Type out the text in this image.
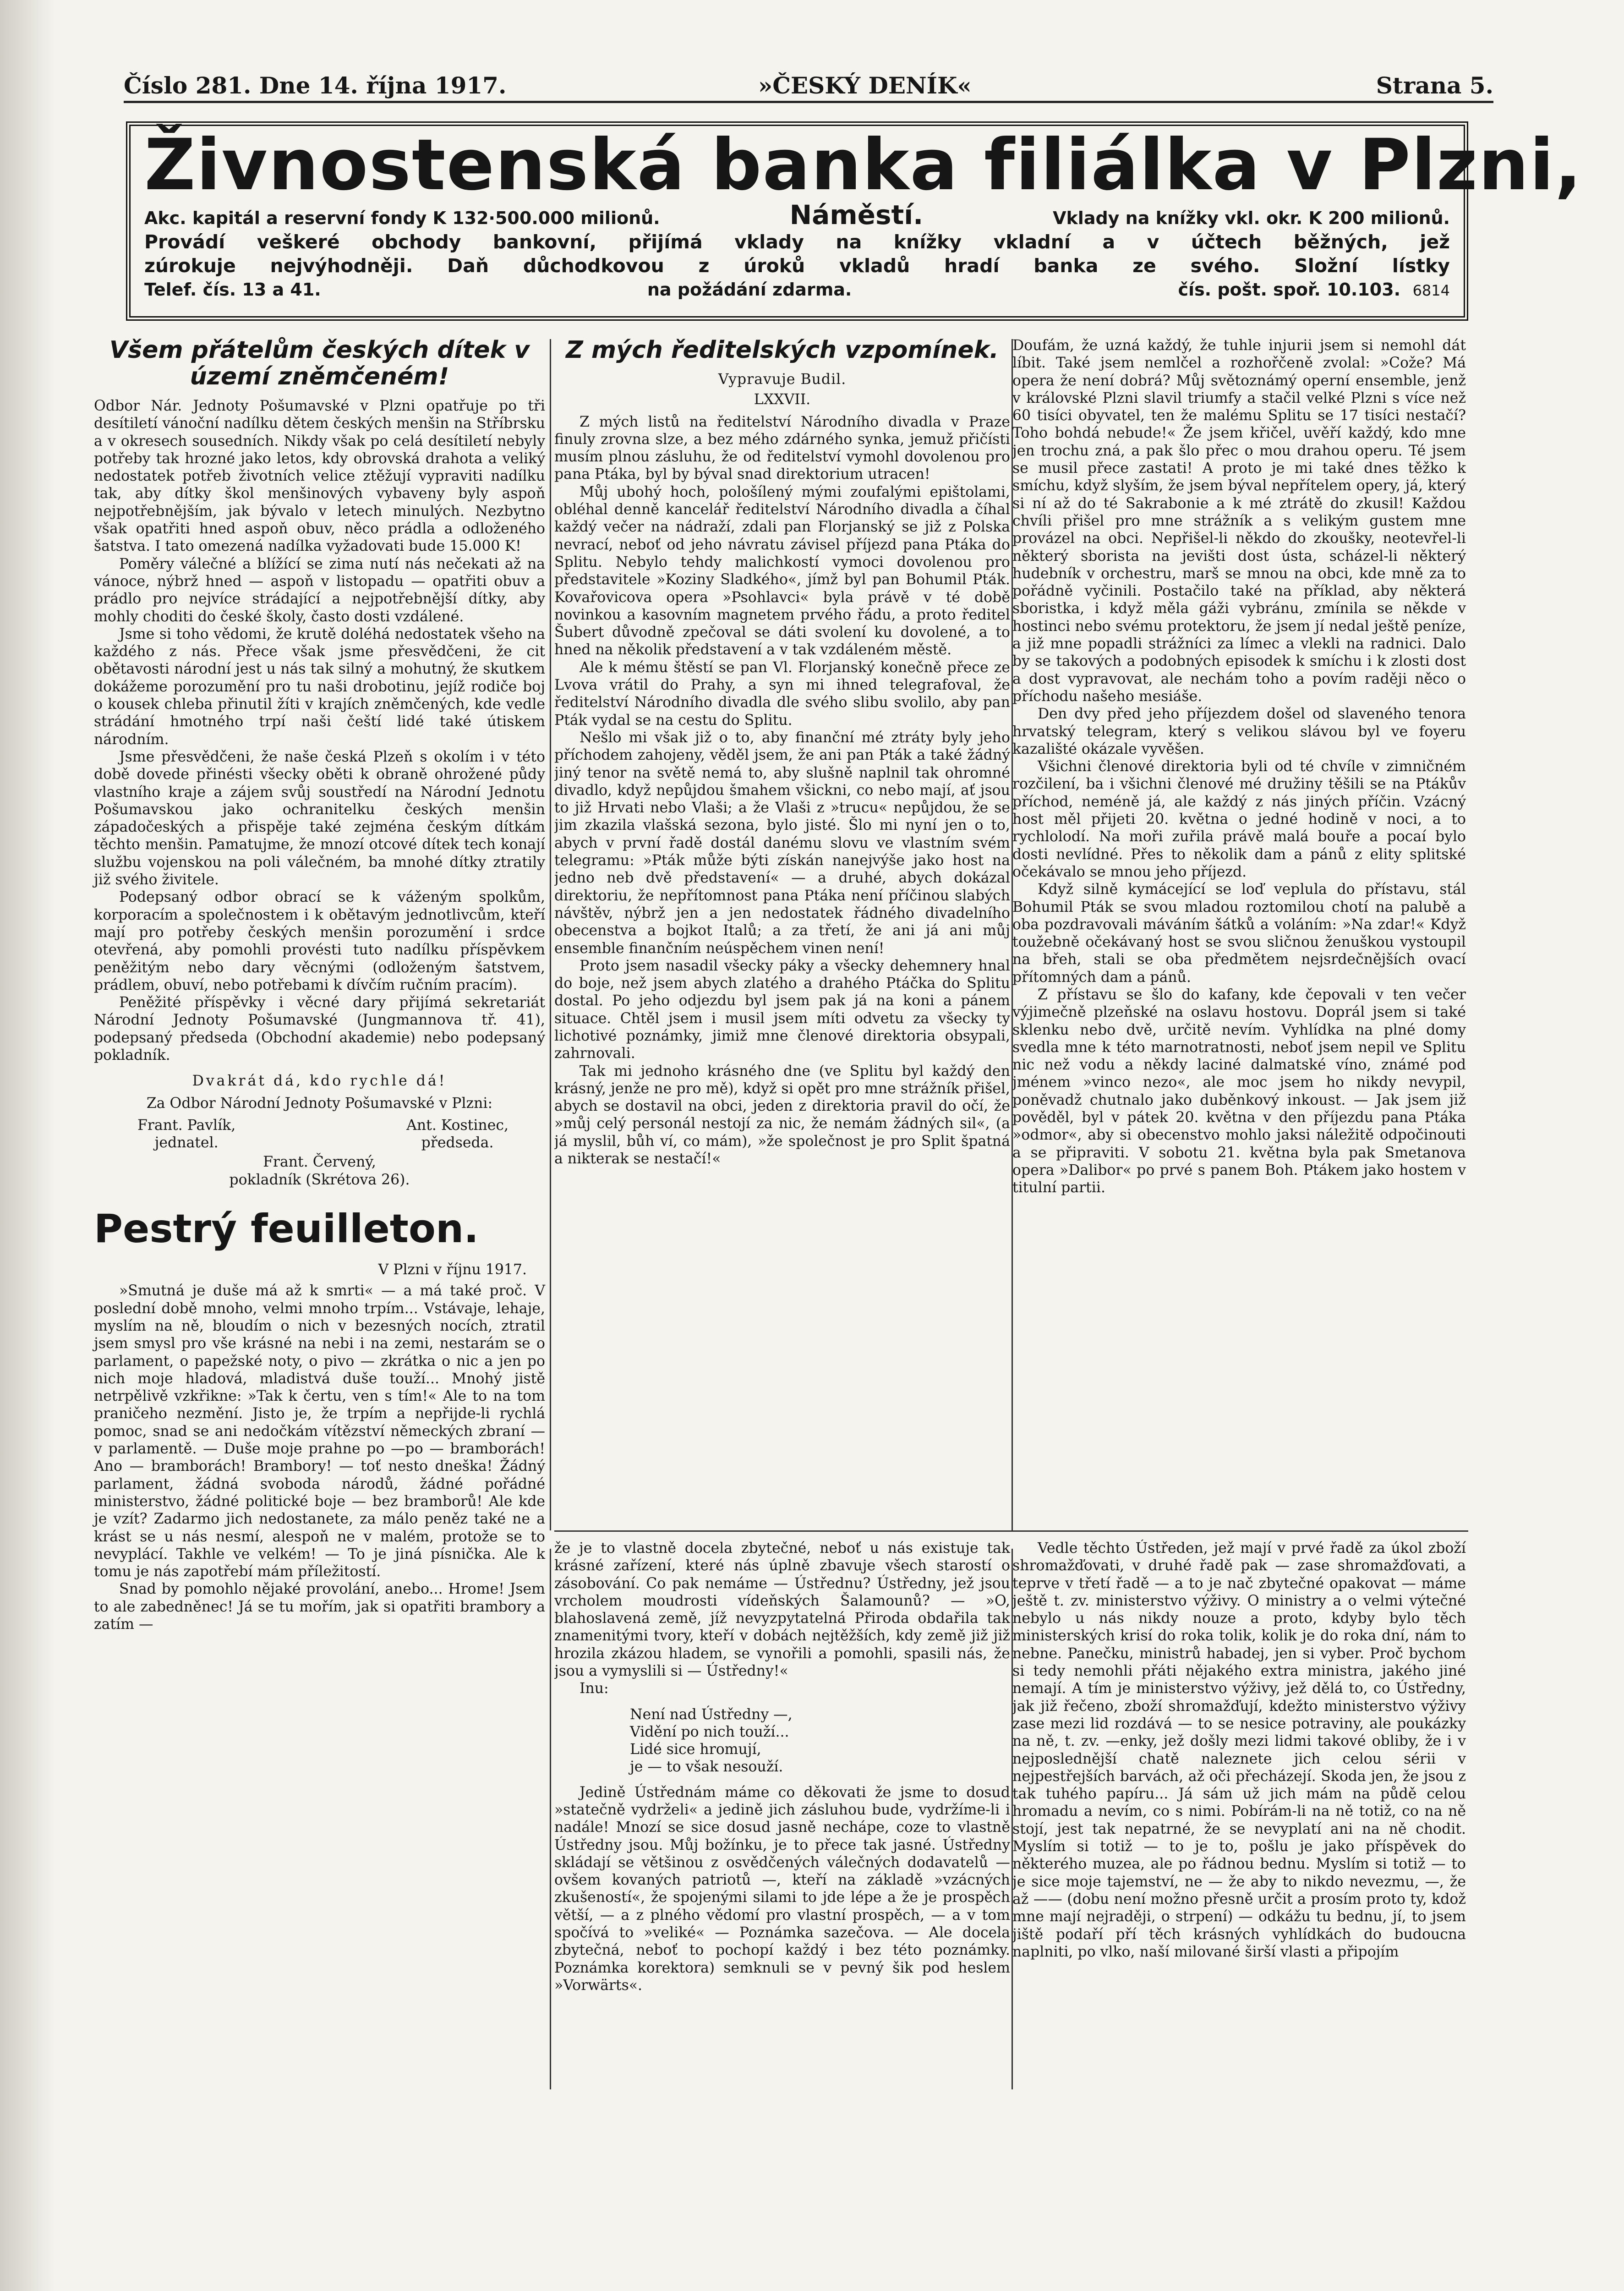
Číslo 281. Dne 14. října 1917.	»ČESKÝ DENÍK«	Strana 5.
Živnostenská banka filiálka v Plzni,
Akc. kapitál a reservní fondy K 132·500.000 milionů.	Náměstí.	Vklady na knížky vkl. okr. K 200 milionů.
Provádí veškeré obchody bankovní, přijímá vklady na knížky vkladní a v účtech běžných, jež
zúrokuje nejvýhodněji. Daň důchodkovou z úroků vkladů hradí banka ze svého. Složní lístky
Telef. čís. 13 a 41.	na požádání zdarma.	čís. pošt. spoř. 10.103. 6814
Všem přátelům českých dítek v území zněmčeném!

Odbor Nár. Jednoty Pošumavské v Plzni opatřuje po tři desítiletí vánoční nadílku dětem českých menšin na Stříbrsku a v okresech sousedních. Nikdy však po celá desítiletí nebyly potřeby tak hrozné jako letos, kdy obrovská drahota a veliký nedostatek potřeb životních velice ztěžují vypraviti nadílku tak, aby dítky škol menšinových vybaveny byly aspoň nejpotřebnějším, jak bývalo v letech minulých. Nezbytno však opatřiti hned aspoň obuv, něco prádla a odloženého šatstva. I tato omezená nadílka vyžadovati bude 15.000 K!

Poměry válečné a blížící se zima nutí nás nečekati až na vánoce, nýbrž hned — aspoň v listopadu — opatřiti obuv a prádlo pro nejvíce strádající a nejpotřebnější dítky, aby mohly choditi do české školy, často dosti vzdálené.

Jsme si toho vědomi, že krutě doléhá nedostatek všeho na každého z nás. Přece však jsme přesvědčeni, že cit obětavosti národní jest u nás tak silný a mohutný, že skutkem dokážeme porozumění pro tu naši drobotinu, jejíž rodiče boj o kousek chleba přinutil žíti v krajích zněmčených, kde vedle strádání hmotného trpí naši čeští lidé také útiskem národním.

Jsme přesvědčeni, že naše česká Plzeň s okolím i v této době dovede přinésti všecky oběti k obraně ohrožené půdy vlastního kraje a zájem svůj soustředí na Národní Jednotu Pošumavskou jako ochranitelku českých menšin západočeských a přispěje také zejména českým dítkám těchto menšin. Pamatujme, že mnozí otcové dítek tech konají službu vojenskou na poli válečném, ba mnohé dítky ztratily již svého živitele.

Podepsaný odbor obrací se k váženým spolkům, korporacím a společnostem i k obětavým jednotlivcům, kteří mají pro potřeby českých menšin porozumění i srdce otevřená, aby pomohli provésti tuto nadílku příspěvkem peněžitým nebo dary věcnými (odloženým šatstvem, prádlem, obuví, nebo potřebami k dívčím ručním pracím).

Peněžité příspěvky i věcné dary přijímá sekretariát Národní Jednoty Pošumavské (Jungmannova tř. 41), podepsaný předseda (Obchodní akademie) nebo podepsaný pokladník.

Dvakrát dá, kdo rychle dá!
Za Odbor Národní Jednoty Pošumavské v Plzni:
Frant. Pavlík,
jednatel.
Ant. Kostinec,
předseda.
Frant. Červený,
pokladník (Skrétova 26).
Pestrý feuilleton.
V Plzni v říjnu 1917.

»Smutná je duše má až k smrti« — a má také proč. V poslední době mnoho, velmi mnoho trpím... Vstávaje, lehaje, myslím na ně, bloudím o nich v bezesných nocích, ztratil jsem smysl pro vše krásné na nebi i na zemi, nestarám se o parlament, o papežské noty, o pivo — zkrátka o nic a jen po nich moje hladová, mladistvá duše touží... Mnohý jistě netrpělivě vzkřikne: »Tak k čertu, ven s tím!« Ale to na tom praničeho nezmění. Jisto je, že trpím a nepřijde-li rychlá pomoc, snad se ani nedočkám vítězství německých zbraní — v parlamentě. — Duše moje prahne po —po — bramborách! Ano — bramborách! Brambory! — toť nesto dneška! Žádný parlament, žádná svoboda národů, žádné pořádné ministerstvo, žádné politické boje — bez bramborů! Ale kde je vzít? Zadarmo jich nedostanete, za málo peněz také ne a krást se u nás nesmí, alespoň ne v malém, protože se to nevyplácí. Takhle ve velkém! — To je jiná písnička. Ale k tomu je nás zapotřebí mám příležitostí.

Snad by pomohlo nějaké provolání, anebo... Hrome! Jsem to ale zabedněnec! Já se tu mořím, jak si opatřiti brambory a zatím —

Z mých ředitelských vzpomínek.
Vypravuje Budil.
LXXVII.

Z mých listů na ředitelství Národního divadla v Praze finuly zrovna slze, a bez mého zdárného synka, jemuž přičísti musím plnou zásluhu, že od ředitelství vymohl dovolenou pro pana Ptáka, byl by býval snad direktorium utracen!

Můj ubohý hoch, pološílený mými zoufalými epištolami, obléhal denně kancelář ředitelství Národního divadla a číhal každý večer na nádraží, zdali pan Florjanský se již z Polska nevrací, neboť od jeho návratu závisel příjezd pana Ptáka do Splitu. Nebylo tehdy malichkostí vymoci dovolenou pro představitele »Koziny Sladkého«, jímž byl pan Bohumil Pták. Kovařovicova opera »Psohlavci« byla právě v té době novinkou a kasovním magnetem prvého řádu, a proto ředitel Šubert důvodně zpečoval se dáti svolení ku dovolené, a to hned na několik představení a v tak vzdáleném městě.

Ale k mému štěstí se pan Vl. Florjanský konečně přece ze Lvova vrátil do Prahy, a syn mi ihned telegrafoval, že ředitelství Národního divadla dle svého slibu svolilo, aby pan Pták vydal se na cestu do Splitu.

Nešlo mi však již o to, aby finanční mé ztráty byly jeho příchodem zahojeny, věděl jsem, že ani pan Pták a také žádný jiný tenor na světě nemá to, aby slušně naplnil tak ohromné divadlo, když nepůjdou šmahem všickni, co nebo mají, ať jsou to již Hrvati nebo Vlaši; a že Vlaši z »trucu« nepůjdou, že se jim zkazila vlašská sezona, bylo jisté. Šlo mi nyní jen o to, abych v první řadě dostál danému slovu ve vlastním svém telegramu: »Pták může býti získán nanejvýše jako host na jedno neb dvě představení« — a druhé, abych dokázal direktoriu, že nepřítomnost pana Ptáka není příčinou slabých návštěv, nýbrž jen a jen nedostatek řádného divadelního obecenstva a bojkot Italů; a za třetí, že ani já ani můj ensemble finančním neúspěchem vinen není!

Proto jsem nasadil všecky páky a všecky dehemnery hnal do boje, než jsem abych zlatého a drahého Ptáčka do Splitu dostal. Po jeho odjezdu byl jsem pak já na koni a pánem situace. Chtěl jsem i musil jsem míti odvetu za všecky ty lichotivé poznámky, jimiž mne členové direktoria obsypali, zahrnovali.

Tak mi jednoho krásného dne (ve Splitu byl každý den krásný, jenže ne pro mě), když si opět pro mne strážník přišel, abych se dostavil na obci, jeden z direktoria pravil do očí, že »můj celý personál nestojí za nic, že nemám žádných sil«, (a já myslil, bůh ví, co mám), »že společnost je pro Split špatná a nikterak se nestačí!«

že je to vlastně docela zbytečné, neboť u nás existuje tak krásné zařízení, které nás úplně zbavuje všech starostí o zásobování. Co pak nemáme — Ústřednu? Ústředny, jež jsou vrcholem moudrosti vídeňských Šalamounů? — »O, blahoslavená země, jíž nevyzpytatelná Přiroda obdařila tak znamenitými tvory, kteří v dobách nejtěžších, kdy země již již hrozila zkázou hladem, se vynořili a pomohli, spasili nás, že jsou a vymyslili si — Ústředny!«

Inu:

Není nad Ústředny —,
Vidění po nich touží...
Lidé sice hromují,
je — to však nesouží.

Jedině Ústřednám máme co děkovati že jsme to dosud »statečně vydrželi« a jedině jich zásluhou bude, vydržíme-li i nadále! Mnozí se sice dosud jasně nechápe, coze to vlastně Ústředny jsou. Můj božínku, je to přece tak jasné. Ústředny skládají se většinou z osvědčených válečných dodavatelů — ovšem kovaných patriotů —, kteří na základě »vzácných zkušeností«, že spojenými silami to jde lépe a že je prospěch větší, — a z plného vědomí pro vlastní prospěch, — a v tom spočívá to »veliké« — Poznámka sazečova. — Ale docela zbytečná, neboť to pochopí každý i bez této poznámky. Poznámka korektora) semknuli se v pevný šik pod heslem »Vorwärts«.

Doufám, že uzná každý, že tuhle injurii jsem si nemohl dát líbit. Také jsem nemlčel a rozhořčeně zvolal: »Cože? Má opera že není dobrá? Můj světoznámý operní ensemble, jenž v královské Plzni slavil triumfy a stačil velké Plzni s více než 60 tisíci obyvatel, ten že malému Splitu se 17 tisíci nestačí? Toho bohdá nebude!« Že jsem křičel, uvěří každý, kdo mne jen trochu zná, a pak šlo přec o mou drahou operu. Té jsem se musil přece zastati! A proto je mi také dnes těžko k smíchu, když slyším, že jsem býval nepřítelem opery, já, který si ní až do té Sakrabonie a k mé ztrátě do zkusil! Každou chvíli přišel pro mne strážník a s velikým gustem mne provázel na obci. Nepřišel-li někdo do zkoušky, neotevřel-li některý sborista na jevišti dost ústa, scházel-li některý hudebník v orchestru, marš se mnou na obci, kde mně za to pořádně vyčinili. Postačilo také na příklad, aby některá sboristka, i když měla gáži vybránu, zmínila se někde v hostinci nebo svému protektoru, že jsem jí nedal ještě peníze, a již mne popadli strážníci za límec a vlekli na radnici. Dalo by se takových a podobných episodek k smíchu i k zlosti dost a dost vypravovat, ale nechám toho a povím raději něco o příchodu našeho mesiáše.

Den dvy před jeho příjezdem došel od slaveného tenora hrvatský telegram, který s velikou slávou byl ve foyeru kazališté okázale vyvěšen.

Všichni členové direktoria byli od té chvíle v zimničném rozčilení, ba i všichni členové mé družiny těšili se na Ptákův příchod, neméně já, ale každý z nás jiných příčin. Vzácný host měl přijeti 20. května o jedné hodině v noci, a to rychlolodí. Na moři zuřila právě malá bouře a pocaí bylo dosti nevlídné. Přes to několik dam a pánů z elity splitské očekávalo se mnou jeho příjezd.

Když silně kymácející se loď veplula do přístavu, stál Bohumil Pták se svou mladou roztomilou chotí na palubě a oba pozdravovali máváním šátků a voláním: »Na zdar!« Když toužebně očekávaný host se svou sličnou ženuškou vystoupil na břeh, stali se oba předmětem nejsrdečnějších ovací přítomných dam a pánů.

Z přístavu se šlo do kafany, kde čepovali v ten večer výjimečně plzeňské na oslavu hostovu. Doprál jsem si také sklenku nebo dvě, určitě nevím. Vyhlídka na plné domy svedla mne k této marnotratnosti, neboť jsem nepil ve Splitu nic než vodu a někdy laciné dalmatské víno, známé pod jménem »vinco nezo«, ale moc jsem ho nikdy nevypil, poněvadž chutnalo jako duběnkový inkoust. — Jak jsem již pověděl, byl v pátek 20. května v den příjezdu pana Ptáka »odmor«, aby si obecenstvo mohlo jaksi náležitě odpočinouti a se připraviti. V sobotu 21. května byla pak Smetanova opera »Dalibor« po prvé s panem Boh. Ptákem jako hostem v titulní partii.

Vedle těchto Ústředen, jež mají v prvé řadě za úkol zboží shromažďovati, v druhé řadě pak — zase shromažďovati, a teprve v třetí řadě — a to je nač zbytečné opakovat — máme ještě t. zv. ministerstvo výživy. O ministry a o velmi výtečné nebylo u nás nikdy nouze a proto, kdyby bylo těch ministerských krisí do roka tolik, kolik je do roka dní, nám to nebne. Panečku, ministrů habadej, jen si vyber. Proč bychom si tedy nemohli přáti nějakého extra ministra, jakého jiné nemají. A tím je ministerstvo výživy, jež dělá to, co Ústředny, jak již řečeno, zboží shromažďují, kdežto ministerstvo výživy zase mezi lid rozdává — to se nesice potraviny, ale poukázky na ně, t. zv. —enky, jež došly mezi lidmi takové obliby, že i v nejposlednější chatě naleznete jich celou sérii v nejpestřejších barvách, až oči přecházejí. Skoda jen, že jsou z tak tuhého papíru... Já sám už jich mám na půdě celou hromadu a nevím, co s nimi. Pobírám-li na ně totiž, co na ně stojí, jest tak nepatrné, že se nevyplatí ani na ně chodit. Myslím si totiž — to je to, pošlu je jako příspěvek do některého muzea, ale po řádnou bednu. Myslím si totiž — to je sice moje tajemství, ne — že aby to nikdo nevezmu, —, že až —— (dobu není možno přesně určit a prosím proto ty, kdož mne mají nejraději, o strpení) — odkážu tu bednu, jí, to jsem jiště podaří pří těch krásných vyhlídkách do budoucna naplniti, po vlko, naší milované širší vlasti a připojím
